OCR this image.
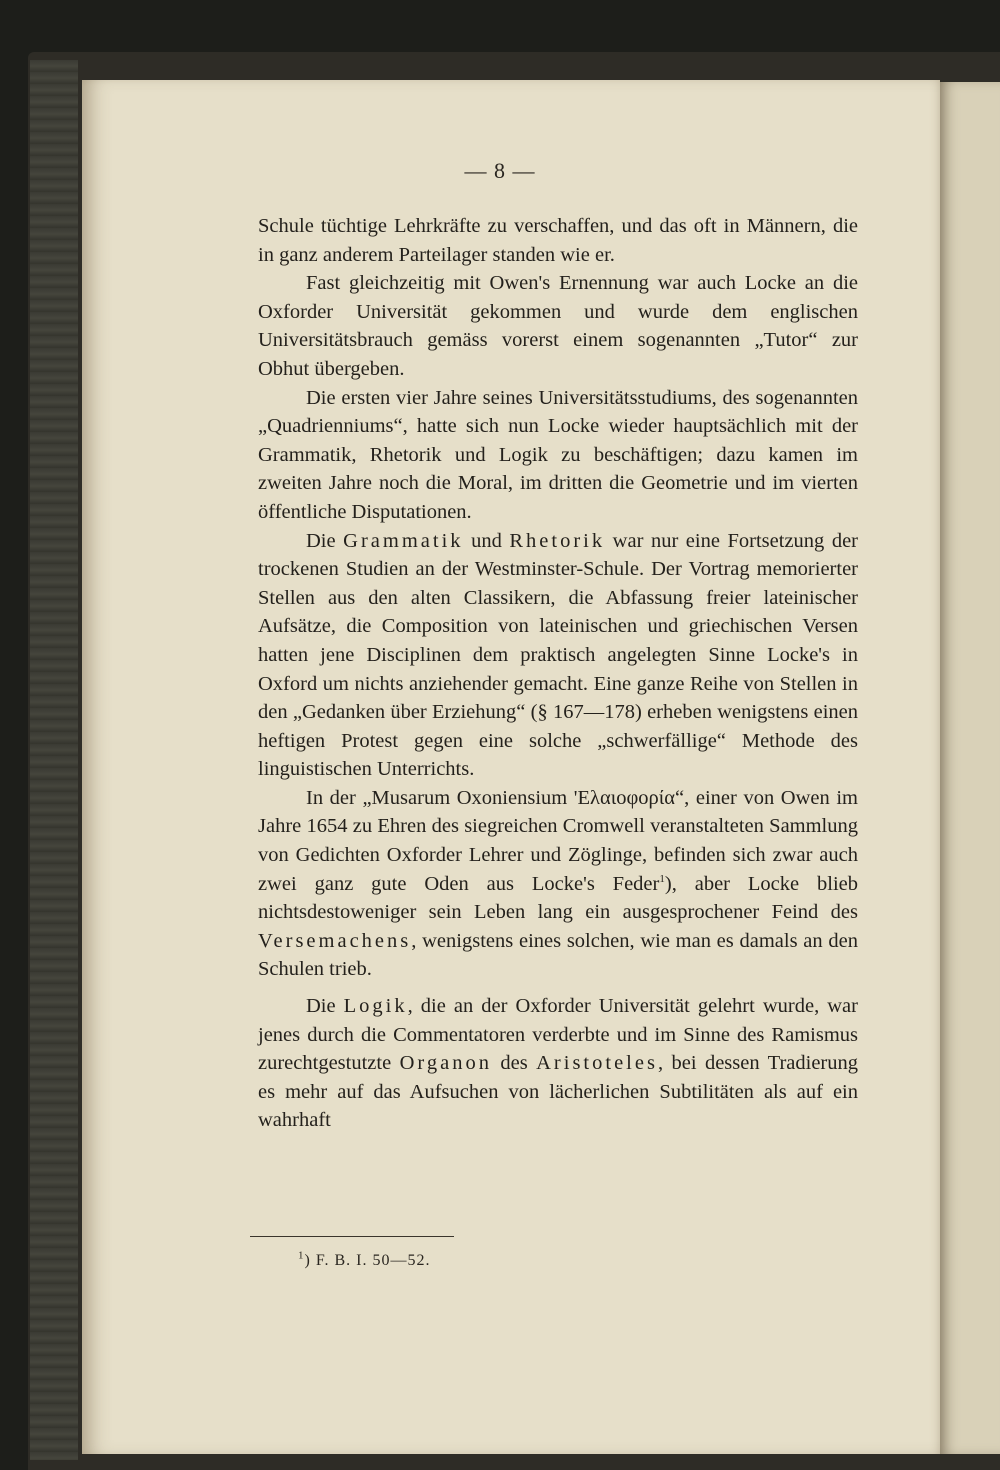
— 8 —

Schule tüchtige Lehrkräfte zu verschaffen, und das oft in Männern, die in ganz anderem Parteilager standen wie er.

Fast gleichzeitig mit Owen's Ernennung war auch Locke an die Oxforder Universität gekommen und wurde dem englischen Universitätsbrauch gemäss vorerst einem sogenannten „Tutor“ zur Obhut übergeben.

Die ersten vier Jahre seines Universitätsstudiums, des sogenannten „Quadrienniums“, hatte sich nun Locke wieder hauptsächlich mit der Grammatik, Rhetorik und Logik zu beschäftigen; dazu kamen im zweiten Jahre noch die Moral, im dritten die Geometrie und im vierten öffentliche Disputationen.

Die Grammatik und Rhetorik war nur eine Fortsetzung der trockenen Studien an der Westminster-Schule. Der Vortrag memorierter Stellen aus den alten Classikern, die Abfassung freier lateinischer Aufsätze, die Composition von lateinischen und griechischen Versen hatten jene Disciplinen dem praktisch angelegten Sinne Locke's in Oxford um nichts anziehender gemacht. Eine ganze Reihe von Stellen in den „Gedanken über Erziehung“ (§ 167—178) erheben wenigstens einen heftigen Protest gegen eine solche „schwerfällige“ Methode des linguistischen Unterrichts.

In der „Musarum Oxoniensium 'Ελαιοφορία“, einer von Owen im Jahre 1654 zu Ehren des siegreichen Cromwell veranstalteten Sammlung von Gedichten Oxforder Lehrer und Zöglinge, befinden sich zwar auch zwei ganz gute Oden aus Locke's Feder$^1$), aber Locke blieb nichtsdestoweniger sein Leben lang ein ausgesprochener Feind des Versemachens, wenigstens eines solchen, wie man es damals an den Schulen trieb.

Die Logik, die an der Oxforder Universität gelehrt wurde, war jenes durch die Commentatoren verderbte und im Sinne des Ramismus zurechtgestutzte Organon des Aristoteles, bei dessen Tradierung es mehr auf das Aufsuchen von lächerlichen Subtilitäten als auf ein wahrhaft

$^1$) F. B. I. 50—52.
